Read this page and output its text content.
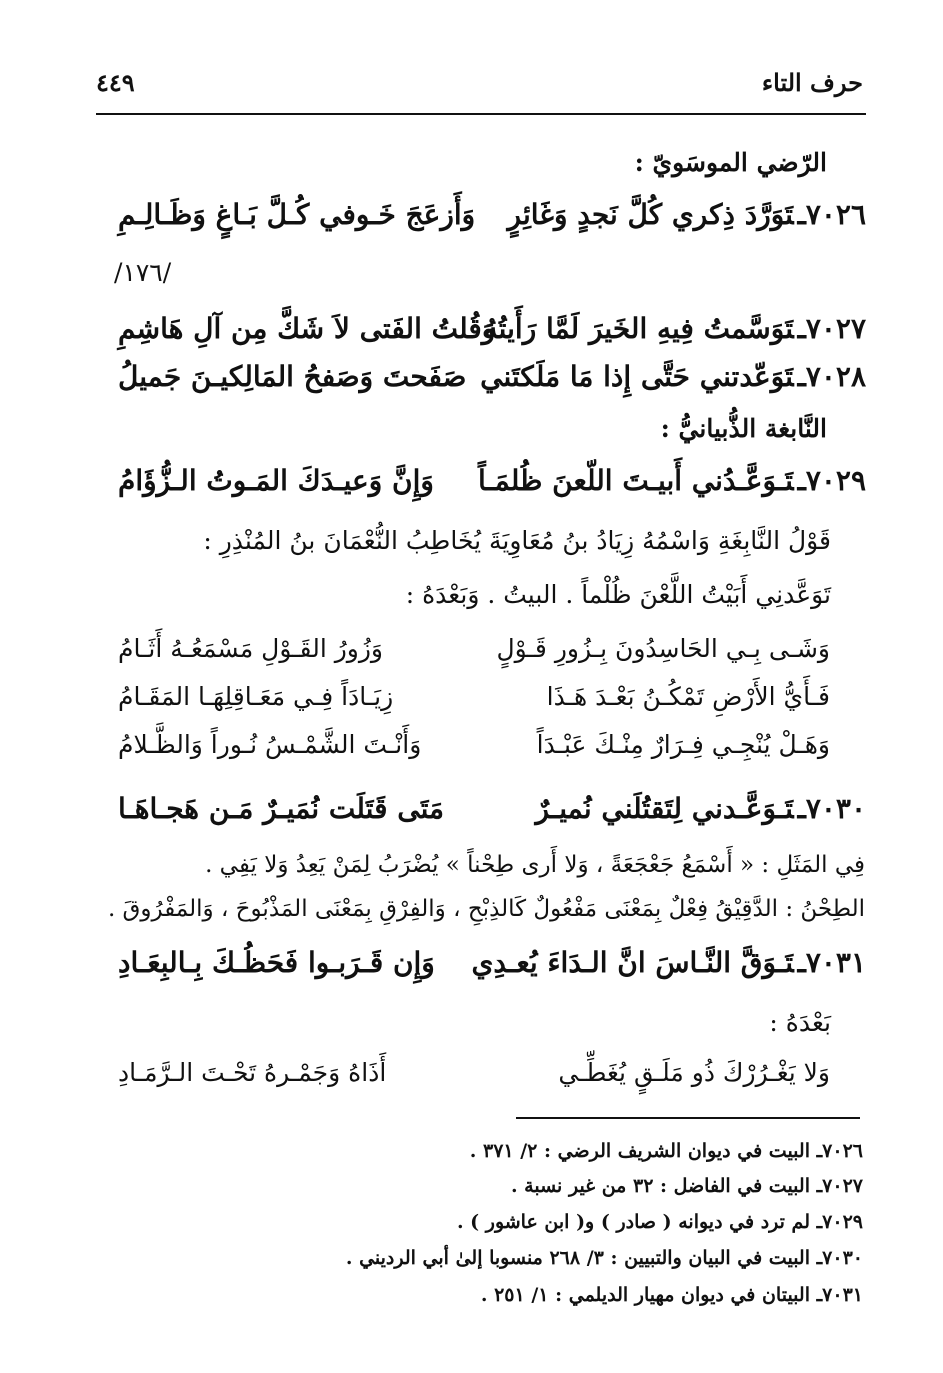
حرف التاء
٤٤٩
الرّضي الموسَويّ :
٧٠٢٦ـتَوَرَّدَ ذِكري كُلَّ نَجدٍ وَغَائِرٍ
وَأَزعَجَ خَـوفي كُـلَّ بَـاغٍ وَظَـالِـمِ
/١٧٦/
٧٠٢٧ـتَوَسَّمتُ فِيهِ الخَيرَ لَمَّا رَأَيتُهُ
وَقُلتُ الفَتى لاَ شَكَّ مِن آلِ هَاشِمِ
٧٠٢٨ـتَوَعّدتني حَتَّى إِذا مَا مَلَكتَني
صَفَحتَ وَصَفحُ المَالِكيـنَ جَميلُ
النَّابغة الذُّبيانيُّ :
٧٠٢٩ـتَـوَعَّـدُني أَبيـتَ اللّعنَ ظُلمَـاً
وَإِنَّ وَعيـدَكَ المَـوتُ الـزُّؤَامُ
قَوْلُ النَّابِغَةِ وَاسْمُهُ زِيَادُ بنُ مُعَاوِيَةَ يُخَاطِبُ النُّعْمَانَ بنُ المُنْذِرِ :
تَوَعَّدنِي أَبَيْتُ اللَّعْنَ ظُلْماً . البيتُ . وَبَعْدَهُ :
وَشَـى بِـي الحَاسِدُونَ بِـزُورِ قَـوْلٍ
وَزُورُ القَـوْلِ مَسْمَعُـهُ أَثَـامُ
فَـأَيُّ الأَرْضِ تَمْكُـنُ بَعْـدَ هَـذَا
زِيَـادَاً فِـي مَعَـاقِلِهَـا المَقَـامُ
وَهَـلْ يُنْجِـي فِـرَارٌ مِنْـكَ عَبْـدَاً
وَأَنْـتَ الشَّمْـسُ نُـوراً وَالظَّـلامُ
٧٠٣٠ـتَـوَعَّـدني لِتَقتُلَني نُميـرٌ
مَتَى قَتَلَت نُمَيـرٌ مَـن هَجـاهَـا
فِي المَثَلِ : « أَسْمَعُ جَعْجَعَةً ، وَلا أَرى طِحْناً » يُضْرَبُ لِمَنْ يَعِدُ وَلا يَفِي .
الطِحْنُ : الدَّقِيْقُ فِعْلٌ بِمَعْنَى مَفْعُولٌ كَالذِبْحِ ، وَالفِرْقِ بِمَعْنَى المَذْبُوحَ ، وَالمَفْرُوقَ .
٧٠٣١ـتَـوَقَّ النَّـاسَ انَّ الـدَاءَ يُعـدِي
وَإِن قَـرَبـوا فَحَظُـكَ بِـالبِعَـادِ
بَعْدَهُ :
وَلا يَغْـرُرْكَ ذُو مَلَـقٍ يُغَطِّـي
أَذَاهُ وَجَمْـرهُ تَحْـتَ الـرَّمَـادِ
٧٠٢٦ـ البيت في ديوان الشريف الرضي : ٢/ ٣٧١ .
٧٠٢٧ـ البيت في الفاضل : ٣٢ من غير نسبة .
٧٠٢٩ـ لم ترد في ديوانه ( صادر ) و( ابن عاشور ) .
٧٠٣٠ـ البيت في البيان والتبيين : ٣/ ٢٦٨ منسوبا إلىٰ أبي الرديني .
٧٠٣١ـ البيتان في ديوان مهيار الديلمي : ١/ ٢٥١ .
